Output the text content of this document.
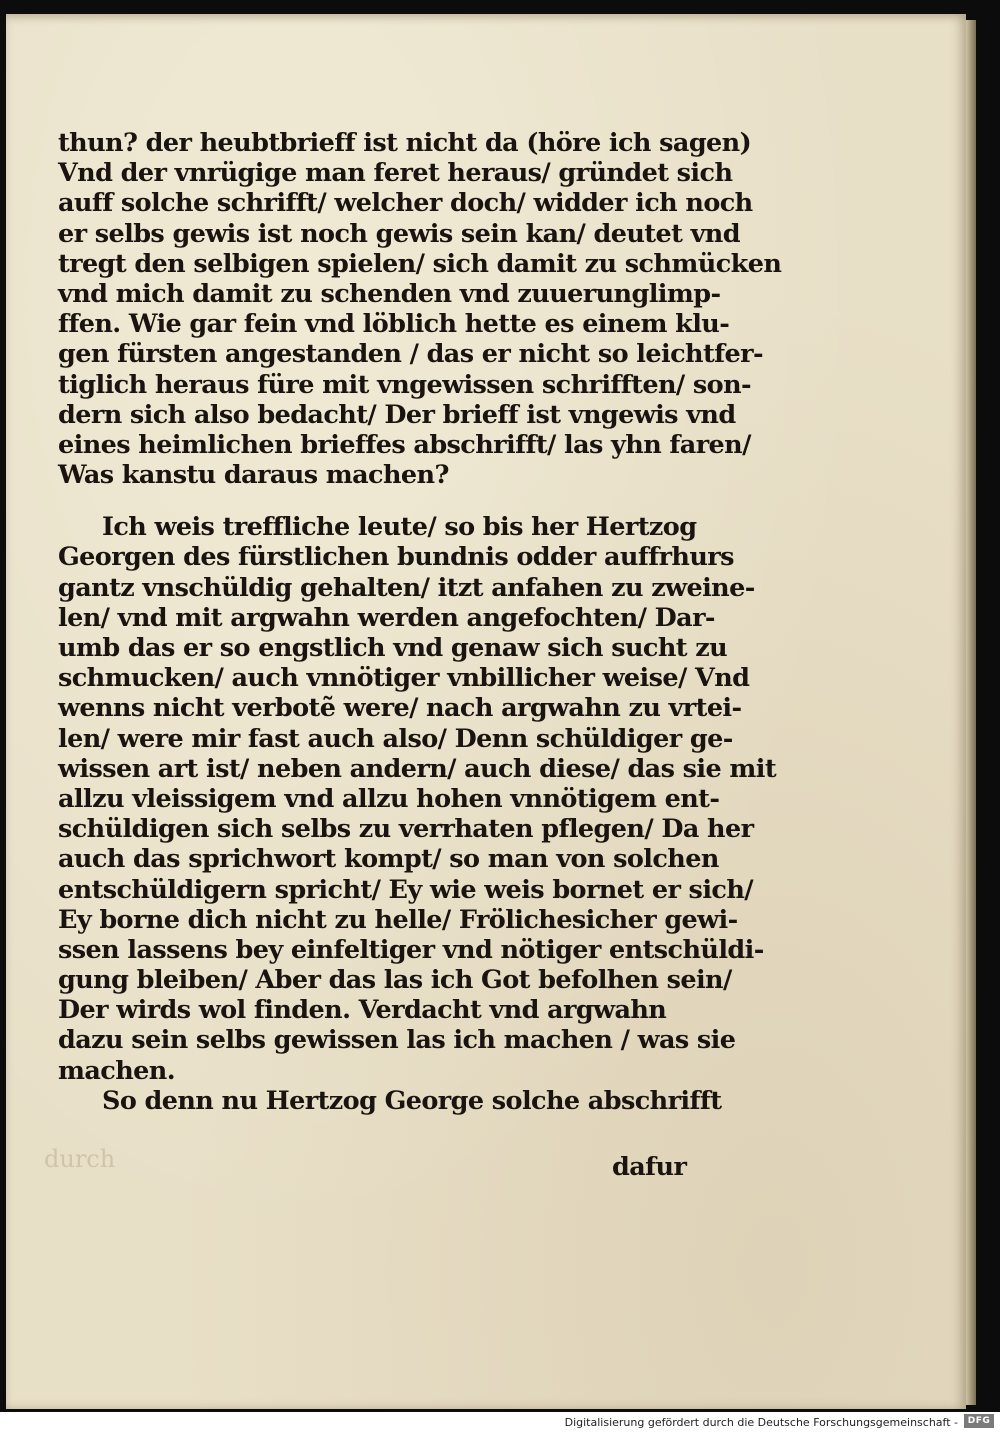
durch
thun? der heubtbrieff ist nicht da (höre ich sagen)
Vnd der vnrügige man feret heraus/ gründet sich
auff solche schrifft/ welcher doch/ widder ich noch
er selbs gewis ist noch gewis sein kan/ deutet vnd
tregt den selbigen spielen/ sich damit zu schmücken
vnd mich damit zu schenden vnd zuuerunglimp-
ffen. Wie gar fein vnd löblich hette es einem klu-
gen fürsten angestanden / das er nicht so leichtfer-
tiglich heraus füre mit vngewissen schrifften/ son-
dern sich also bedacht/ Der brieff ist vngewis vnd
eines heimlichen brieffes abschrifft/ las yhn faren/
Was kanstu daraus machen?
Ich weis treffliche leute/ so bis her Hertzog
Georgen des fürstlichen bundnis odder auffrhurs
gantz vnschüldig gehalten/ itzt anfahen zu zweine-
len/ vnd mit argwahn werden angefochten/ Dar-
umb das er so engstlich vnd genaw sich sucht zu
schmucken/ auch vnnötiger vnbillicher weise/ Vnd
wenns nicht verbotẽ were/ nach argwahn zu vrtei-
len/ were mir fast auch also/ Denn schüldiger ge-
wissen art ist/ neben andern/ auch diese/ das sie mit
allzu vleissigem vnd allzu hohen vnnötigem ent-
schüldigen sich selbs zu verrhaten pflegen/ Da her
auch das sprichwort kompt/ so man von solchen
entschüldigern spricht/ Ey wie weis bornet er sich/
Ey borne dich nicht zu helle/ Frölichesicher gewi-
ssen lassens bey einfeltiger vnd nötiger entschüldi-
gung bleiben/ Aber das las ich Got befolhen sein/
Der wirds wol finden. Verdacht vnd argwahn
dazu sein selbs gewissen las ich machen / was sie
machen.
So denn nu Hertzog George solche abschrifft
dafur
Digitalisierung gefördert durch die Deutsche Forschungsgemeinschaft -	DFG
